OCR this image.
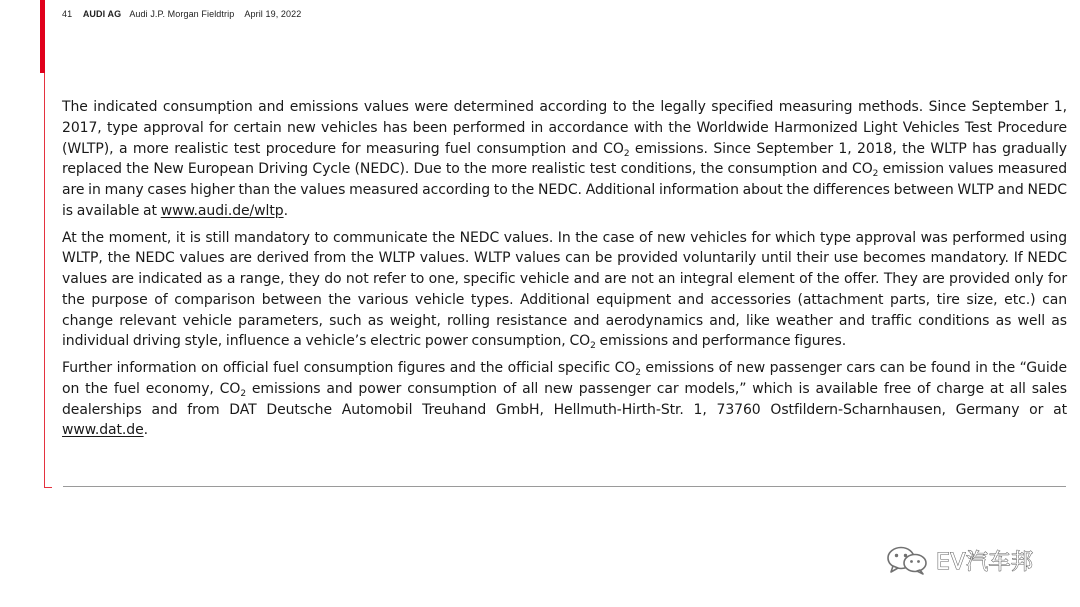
41 AUDI AG Audi J.P. Morgan Fieldtrip April 19, 2022

The indicated consumption and emissions values were determined according to the legally specified measuring methods. Since September 1, 2017, type approval for certain new vehicles has been performed in accordance with the Worldwide Harmonized Light Vehicles Test Procedure (WLTP), a more realistic test procedure for measuring fuel consumption and $CO_2$ emissions. Since September 1, 2018, the WLTP has gradually replaced the New European Driving Cycle (NEDC). Due to the more realistic test conditions, the consumption and $CO_2$ emission values measured are in many cases higher than the values measured according to the NEDC. Additional information about the differences between WLTP and NEDC is available at www.audi.de/wltp.

At the moment, it is still mandatory to communicate the NEDC values. In the case of new vehicles for which type approval was performed using WLTP, the NEDC values are derived from the WLTP values. WLTP values can be provided voluntarily until their use becomes mandatory. If NEDC values are indicated as a range, they do not refer to one, specific vehicle and are not an integral element of the offer. They are provided only for the purpose of comparison between the various vehicle types. Additional equipment and accessories (attachment parts, tire size, etc.) can change relevant vehicle parameters, such as weight, rolling resistance and aerodynamics and, like weather and traffic conditions as well as individual driving style, influence a vehicle’s electric power consumption, $CO_2$ emissions and performance figures.

Further information on official fuel consumption figures and the official specific $CO_2$ emissions of new passenger cars can be found in the “Guide on the fuel economy, $CO_2$ emissions and power consumption of all new passenger car models,” which is available free of charge at all sales dealerships and from DAT Deutsche Automobil Treuhand GmbH, Hellmuth-Hirth-Str. 1, 73760 Ostfildern-Scharnhausen, Germany or at www.dat.de.

EV汽车邦
